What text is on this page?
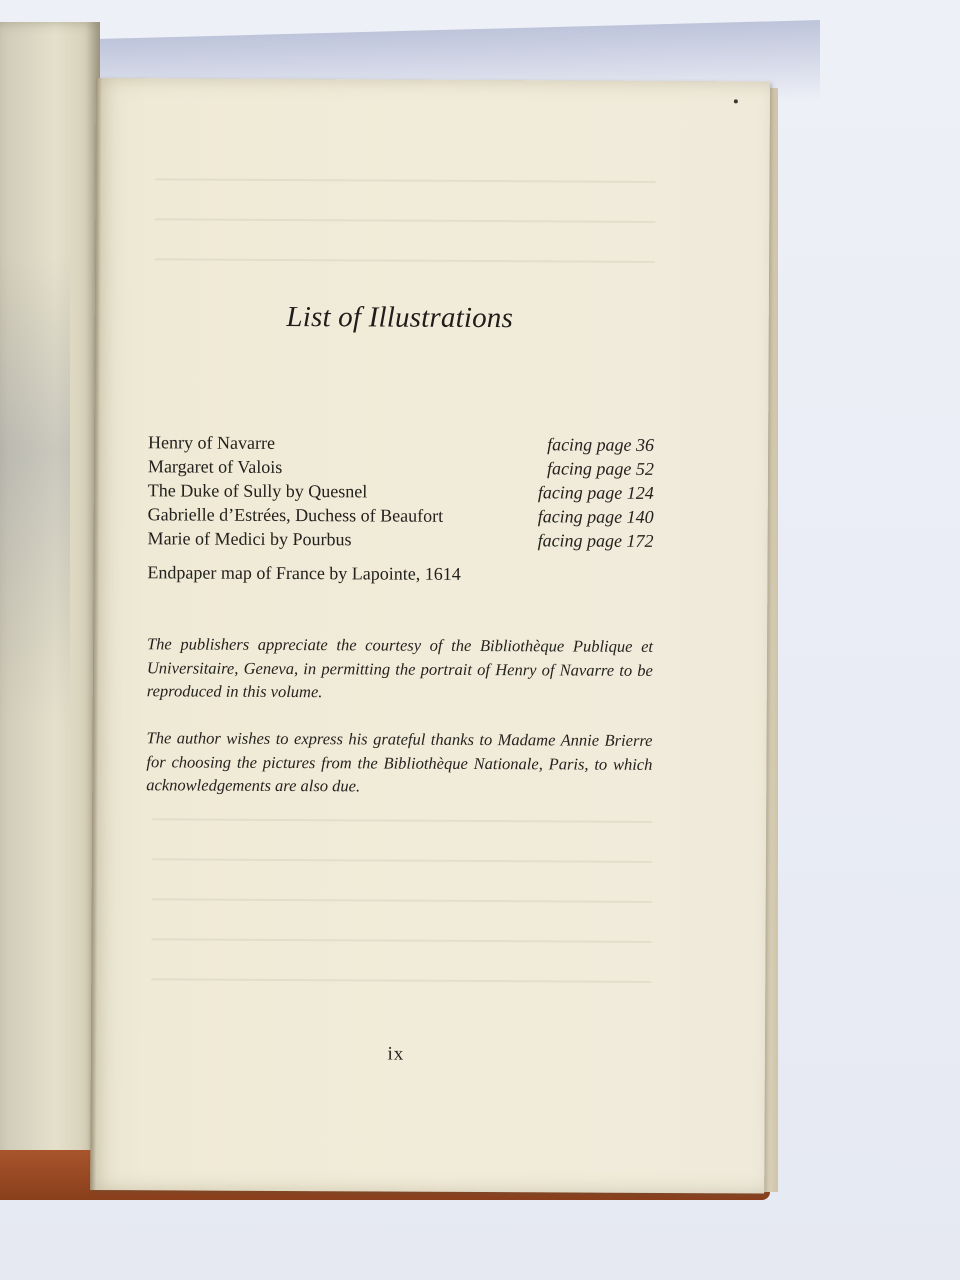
List of Illustrations
Henry of Navarre	facing page 36
Margaret of Valois	facing page 52
The Duke of Sully by Quesnel	facing page 124
Gabrielle d’Estrées, Duchess of Beaufort	facing page 140
Marie of Medici by Pourbus	facing page 172
Endpaper map of France by Lapointe, 1614
The publishers appreciate the courtesy of the Bibliothèque Publique et Universitaire, Geneva, in permitting the portrait of Henry of Navarre to be reproduced in this volume.
The author wishes to express his grateful thanks to Madame Annie Brierre for choosing the pictures from the Bibliothèque Nationale, Paris, to which acknowledgements are also due.
ix
